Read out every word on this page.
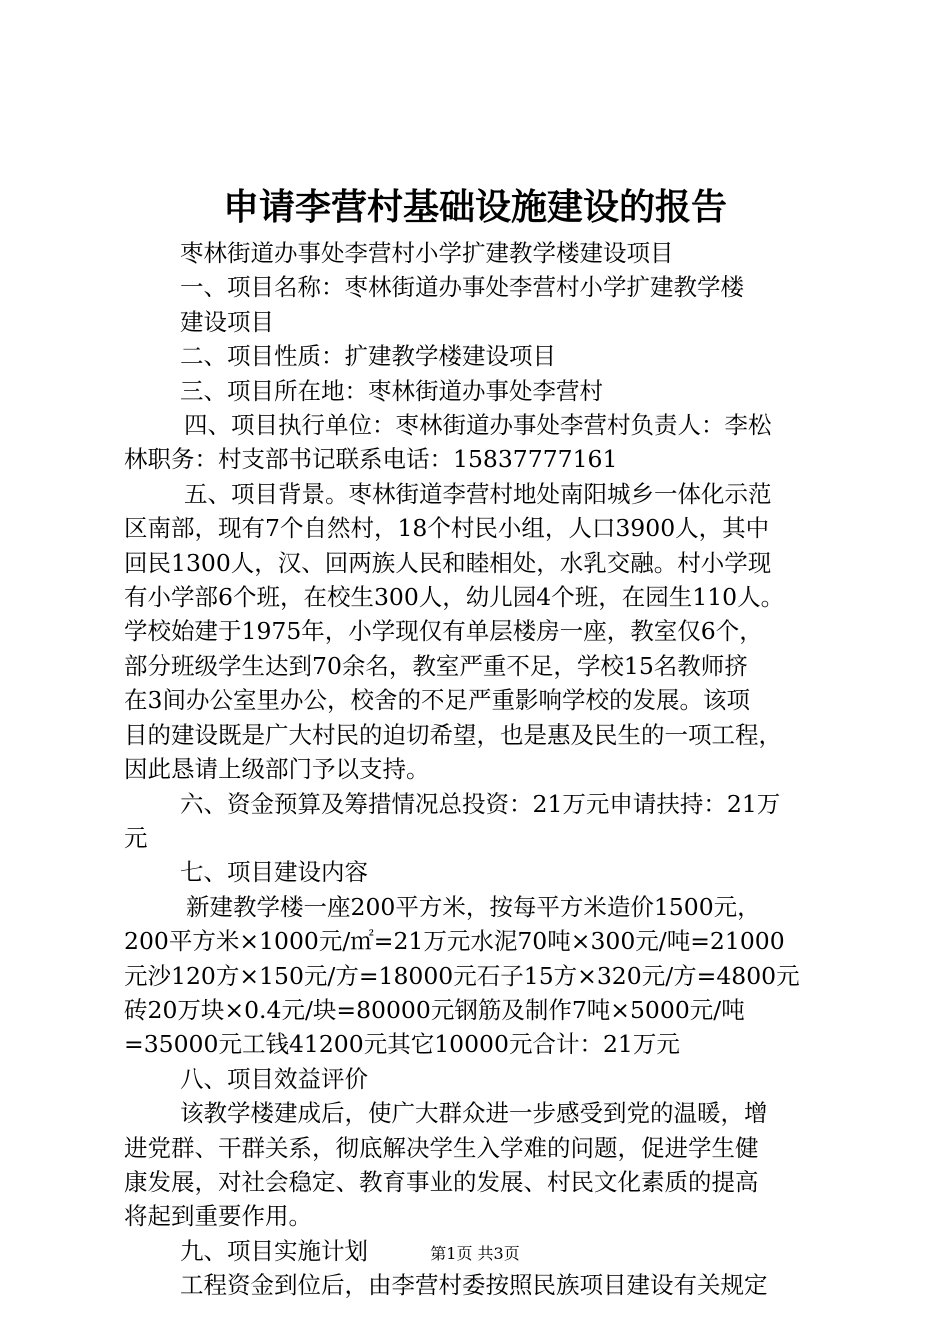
申请李营村基础设施建设的报告

枣林街道办事处李营村小学扩建教学楼建设项目

一、项目名称：枣林街道办事处李营村小学扩建教学楼

建设项目

二、项目性质：扩建教学楼建设项目

三、项目所在地：枣林街道办事处李营村

四、项目执行单位：枣林街道办事处李营村负责人：李松

林职务：村支部书记联系电话：15837777161

五、项目背景。枣林街道李营村地处南阳城乡一体化示范

区南部，现有7个自然村，18个村民小组，人口3900人，其中

回民1300人，汉、回两族人民和睦相处，水乳交融。村小学现

有小学部6个班，在校生300人，幼儿园4个班，在园生110人。

学校始建于1975年，小学现仅有单层楼房一座，教室仅6个，

部分班级学生达到70余名，教室严重不足，学校15名教师挤

在3间办公室里办公，校舍的不足严重影响学校的发展。该项

目的建设既是广大村民的迫切希望，也是惠及民生的一项工程，

因此恳请上级部门予以支持。

六、资金预算及筹措情况总投资：21万元申请扶持：21万

元

七、项目建设内容

新建教学楼一座200平方米，按每平方米造价1500元，

200平方米×1000元/㎡=21万元水泥70吨×300元/吨=21000

元沙120方×150元/方=18000元石子15方×320元/方=4800元

砖20万块×0.4元/块=80000元钢筋及制作7吨×5000元/吨

=35000元工钱41200元其它10000元合计：21万元

八、项目效益评价

该教学楼建成后，使广大群众进一步感受到党的温暖，增

进党群、干群关系，彻底解决学生入学难的问题，促进学生健

康发展，对社会稳定、教育事业的发展、村民文化素质的提高

将起到重要作用。

九、项目实施计划

工程资金到位后，由李营村委按照民族项目建设有关规定

第1页 共3页
